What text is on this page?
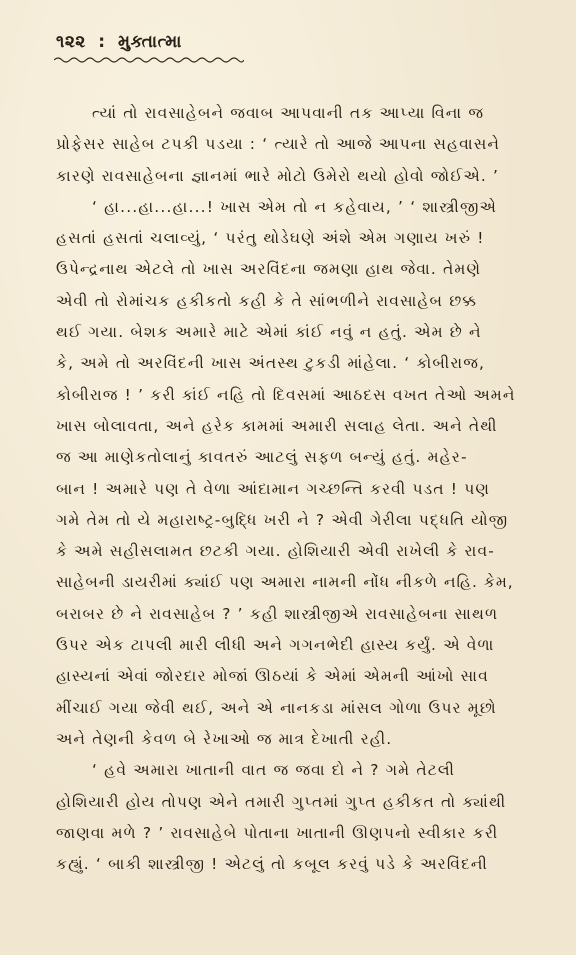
૧૨૨ : મુક્તાત્મા

ત્યાં તો રાવસાહેબને જવાબ આપવાની તક આપ્યા વિના જ
પ્રોફેસર સાહેબ ટપકી પડયા : ‘ ત્યારે તો આજે આપના સહવાસને
કારણે રાવસાહેબના જ્ઞાનમાં ભારે મોટો ઉમેરો થયો હોવો જોઈએ. ’

‘ હા...હા...હા...! ખાસ એમ તો ન કહેવાય, ’ ‘ શાસ્ત્રીજીએ
હસતાં હસતાં ચલાવ્યું, ‘ પરંતુ થોડેઘણે અંશે એમ ગણાય ખરું !
ઉપેન્દ્રનાથ એટલે તો ખાસ અરવિંદના જમણા હાથ જેવા. તેમણે
એવી તો રોમાંચક હકીકતો કહી કે તે સાંભળીને રાવસાહેબ છક્ક
થઈ ગયા. બેશક અમારે માટે એમાં કાંઈ નવું ન હતું. એમ છે ને
કે, અમે તો અરવિંદની ખાસ અંતસ્થ ટુકડી માંહેલા. ‘ કોબીરાજ,
કોબીરાજ ! ’ કરી કાંઈ નહિ તો દિવસમાં આઠદસ વખત તેઓ અમને
ખાસ બોલાવતા, અને હરેક કામમાં અમારી સલાહ લેતા. અને તેથી
જ આ માણેકતોલાનું કાવતરું આટલું સફળ બન્યું હતું. મહેર-
બાન ! અમારે પણ તે વેળા આંદામાન ગચ્છન્તિ કરવી પડત ! પણ
ગમે તેમ તો યે મહારાષ્ટ્ર-બુદ્ધિ ખરી ને ? એવી ગેરીલા પદ્ધતિ યોજી
કે અમે સહીસલામત છટકી ગયા. હોશિયારી એવી રાખેલી કે રાવ-
સાહેબની ડાયરીમાં ક્યાંઈ પણ અમારા નામની નોંધ નીકળે નહિ. કેમ,
બરાબર છે ને રાવસાહેબ ? ’ કહી શાસ્ત્રીજીએ રાવસાહેબના સાથળ
ઉપર એક ટાપલી મારી લીધી અને ગગનભેદી હાસ્ય કર્યું. એ વેળા
હાસ્યનાં એવાં જોરદાર મોજાં ઊઠયાં કે એમાં એમની આંખો સાવ
મીંચાઈ ગયા જેવી થઈ, અને એ નાનકડા માંસલ ગોળા ઉપર મૂછો
અને તેણની કેવળ બે રેખાઓ જ માત્ર દેખાતી રહી.

‘ હવે અમારા ખાતાની વાત જ જવા દો ને ? ગમે તેટલી
હોશિયારી હોય તોપણ એને તમારી ગુપ્તમાં ગુપ્ત હકીકત તો ક્યાંથી
જાણવા મળે ? ’ રાવસાહેબે પોતાના ખાતાની ઊણપનો સ્વીકાર કરી
કહ્યું. ‘ બાકી શાસ્ત્રીજી ! એટલું તો કબૂલ કરવું પડે કે અરવિંદની
